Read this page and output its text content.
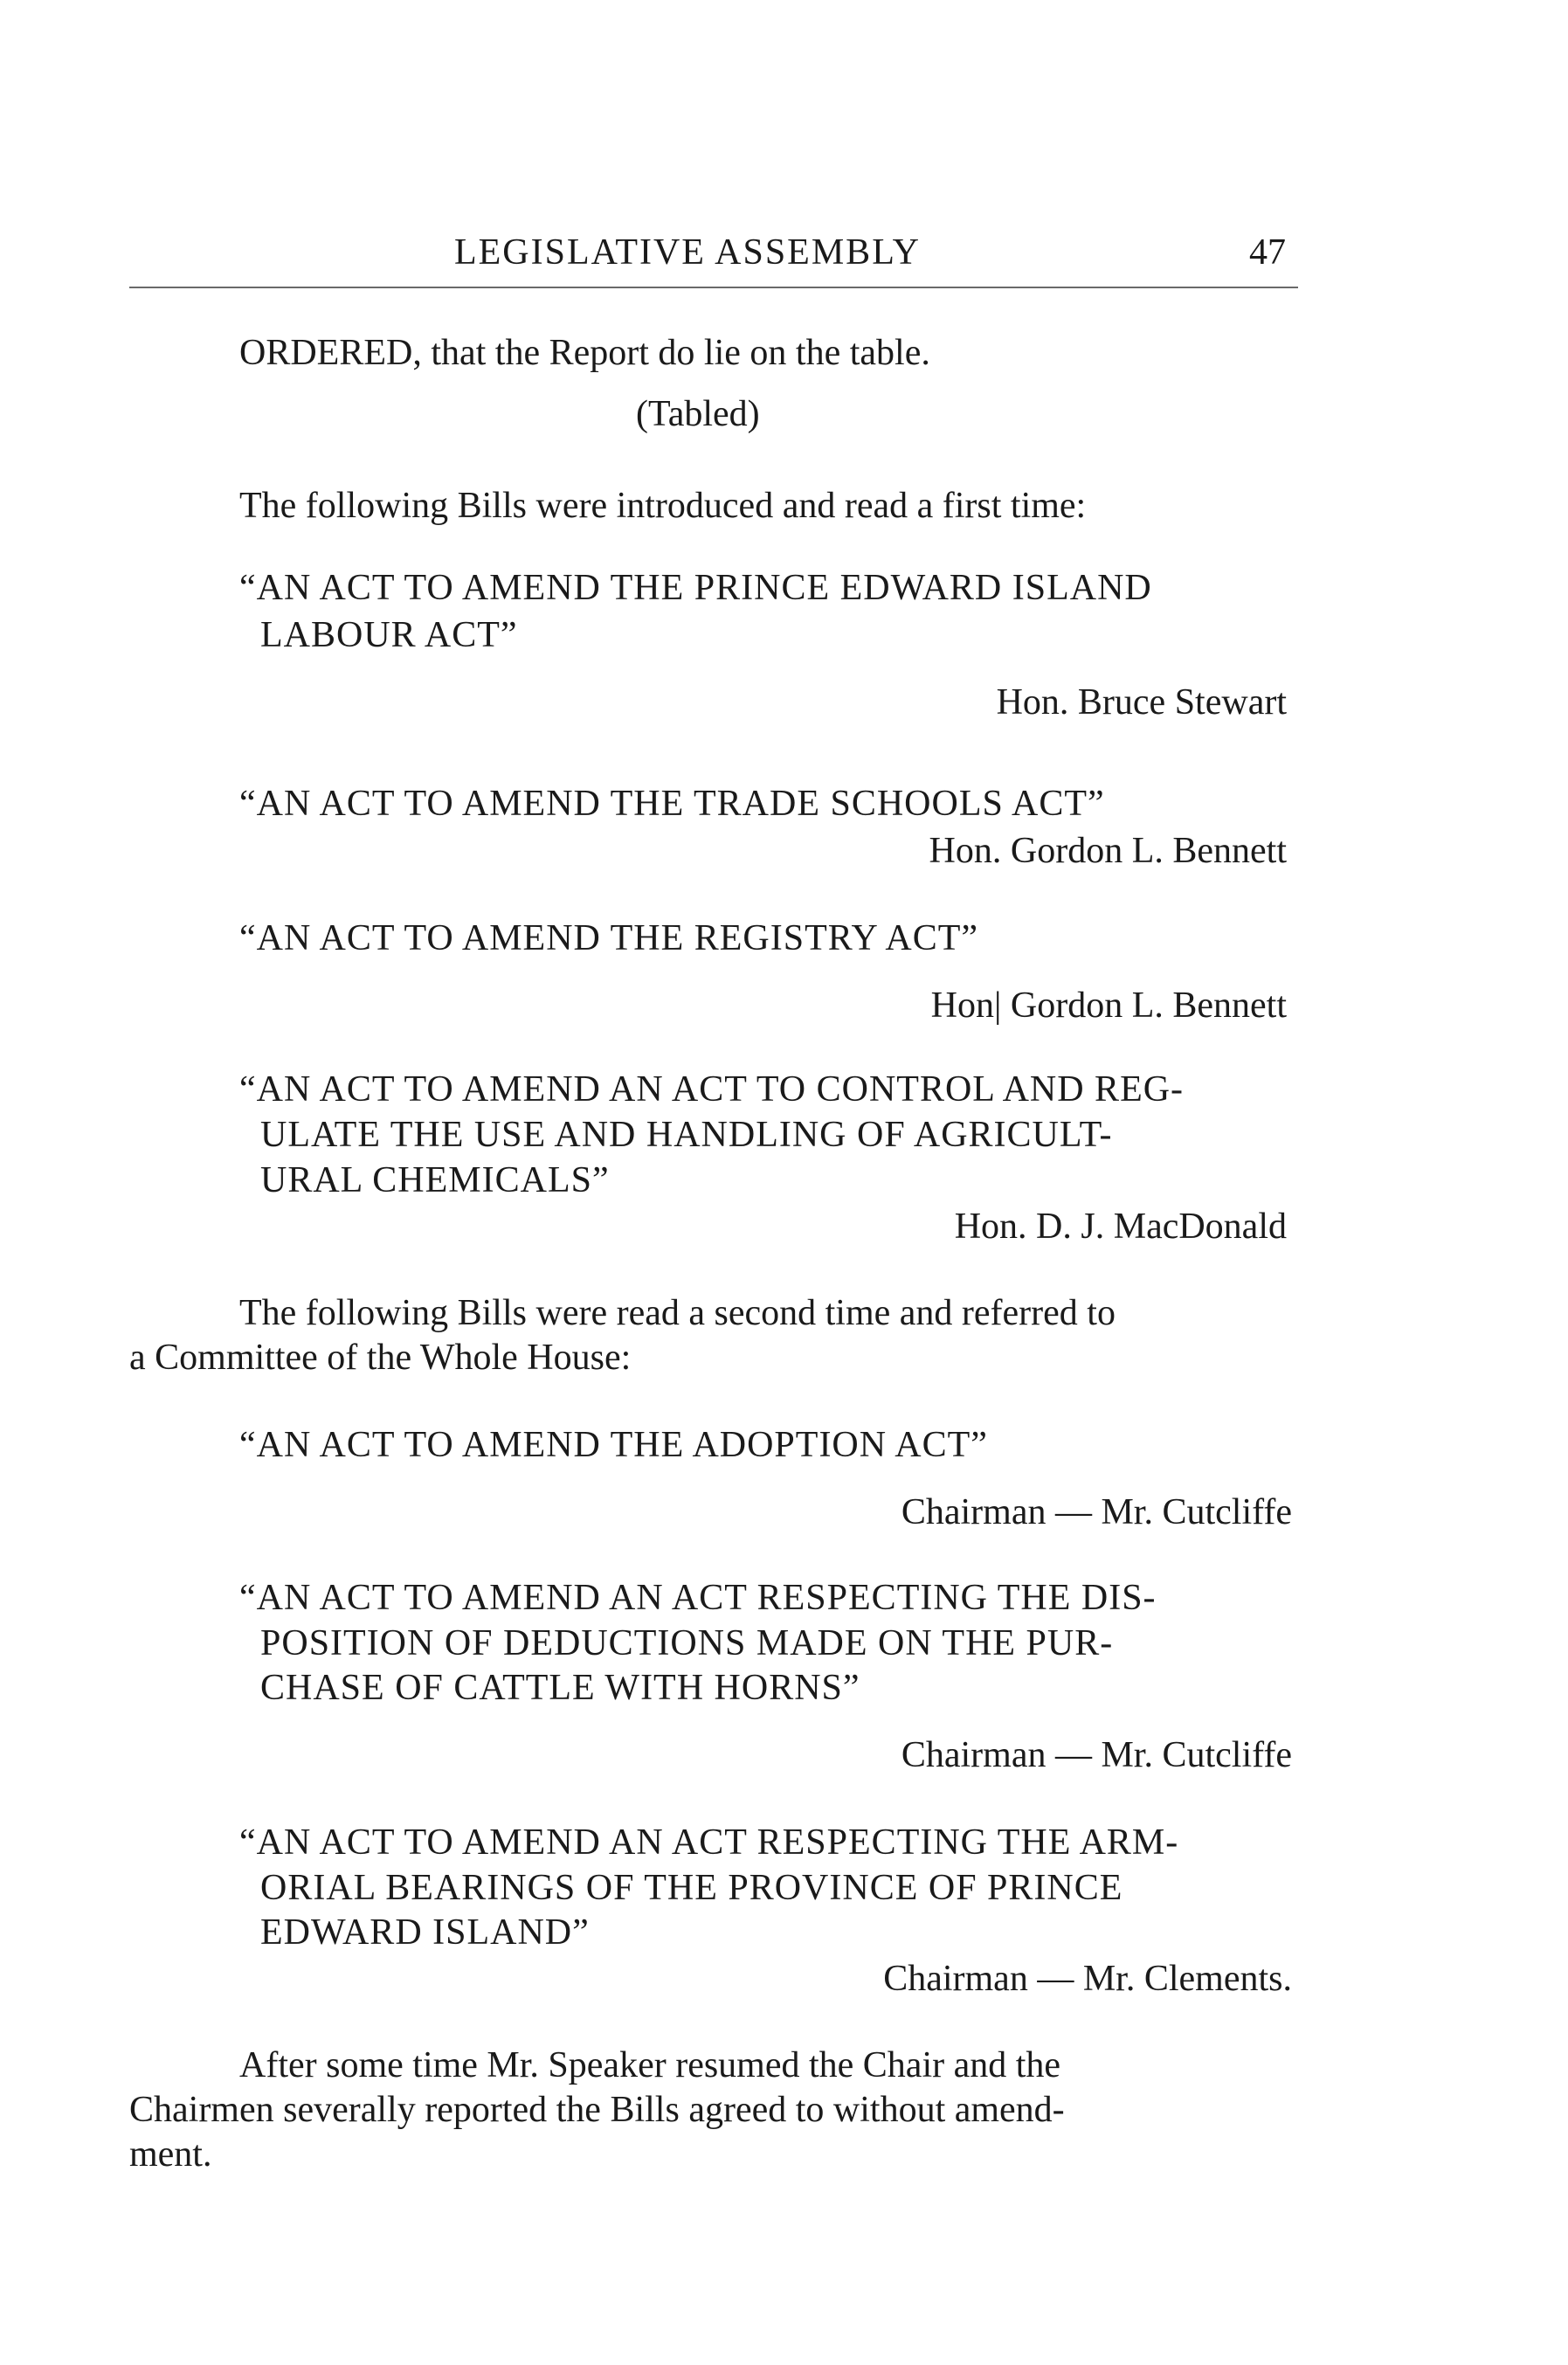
LEGISLATIVE ASSEMBLY	47
ORDERED, that the Report do lie on the table.
(Tabled)
The following Bills were introduced and read a first time:
“AN ACT TO AMEND THE PRINCE EDWARD ISLAND
LABOUR ACT”
Hon. Bruce Stewart
“AN ACT TO AMEND THE TRADE SCHOOLS ACT”
Hon. Gordon L. Bennett
“AN ACT TO AMEND THE REGISTRY ACT”
Hon| Gordon L. Bennett
“AN ACT TO AMEND AN ACT TO CONTROL AND REG-
ULATE THE USE AND HANDLING OF AGRICULT-
URAL CHEMICALS”
Hon. D. J. MacDonald
The following Bills were read a second time and referred to
a Committee of the Whole House:
“AN ACT TO AMEND THE ADOPTION ACT”
Chairman — Mr. Cutcliffe
“AN ACT TO AMEND AN ACT RESPECTING THE DIS-
POSITION OF DEDUCTIONS MADE ON THE PUR-
CHASE OF CATTLE WITH HORNS”
Chairman — Mr. Cutcliffe
“AN ACT TO AMEND AN ACT RESPECTING THE ARM-
ORIAL BEARINGS OF THE PROVINCE OF PRINCE
EDWARD ISLAND”
Chairman — Mr. Clements.
After some time Mr. Speaker resumed the Chair and the
Chairmen severally reported the Bills agreed to without amend-
ment.
